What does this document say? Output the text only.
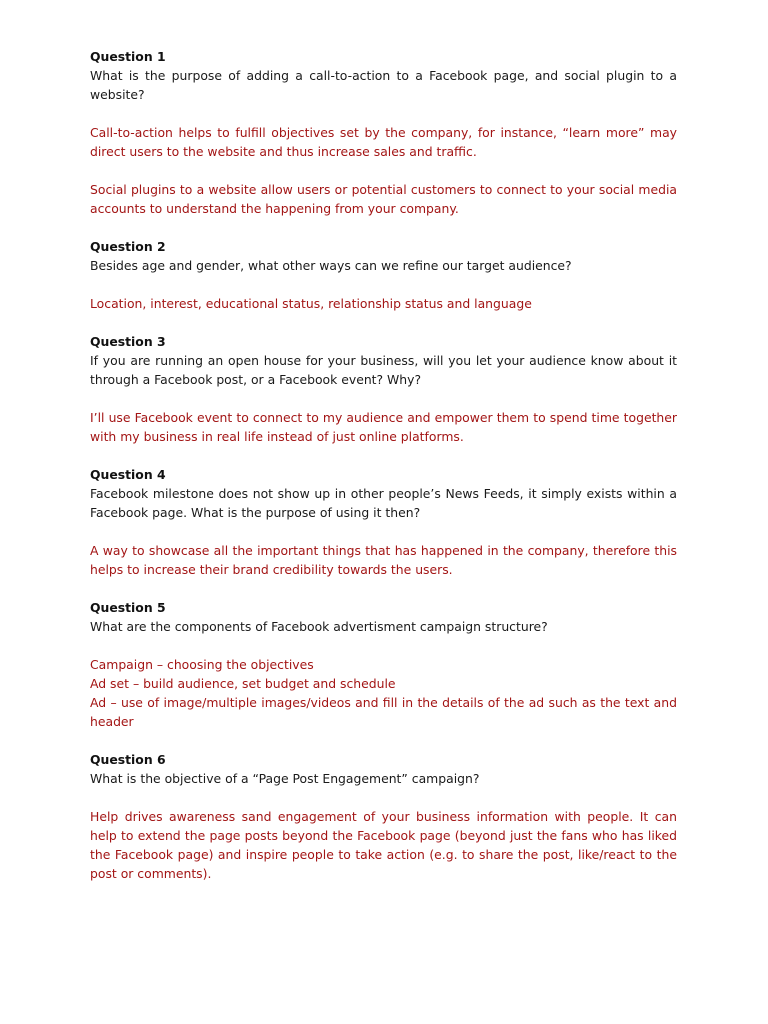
Question 1
What is the purpose of adding a call-to-action to a Facebook page, and social plugin to a website?
Call-to-action helps to fulfill objectives set by the company, for instance, “learn more” may direct users to the website and thus increase sales and traffic.
Social plugins to a website allow users or potential customers to connect to your social media accounts to understand the happening from your company.
Question 2
Besides age and gender, what other ways can we refine our target audience?
Location, interest, educational status, relationship status and language
Question 3
If you are running an open house for your business, will you let your audience know about it through a Facebook post, or a Facebook event? Why?
I’ll use Facebook event to connect to my audience and empower them to spend time together with my business in real life instead of just online platforms.
Question 4
Facebook milestone does not show up in other people’s News Feeds, it simply exists within a Facebook page. What is the purpose of using it then?
A way to showcase all the important things that has happened in the company, therefore this helps to increase their brand credibility towards the users.
Question 5
What are the components of Facebook advertisment campaign structure?
Campaign – choosing the objectives
Ad set – build audience, set budget and schedule
Ad – use of image/multiple images/videos and fill in the details of the ad such as the text and header
Question 6
What is the objective of a “Page Post Engagement” campaign?
Help drives awareness sand engagement of your business information with people. It can help to extend the page posts beyond the Facebook page (beyond just the fans who has liked the Facebook page) and inspire people to take action (e.g. to share the post, like/react to the post or comments).
